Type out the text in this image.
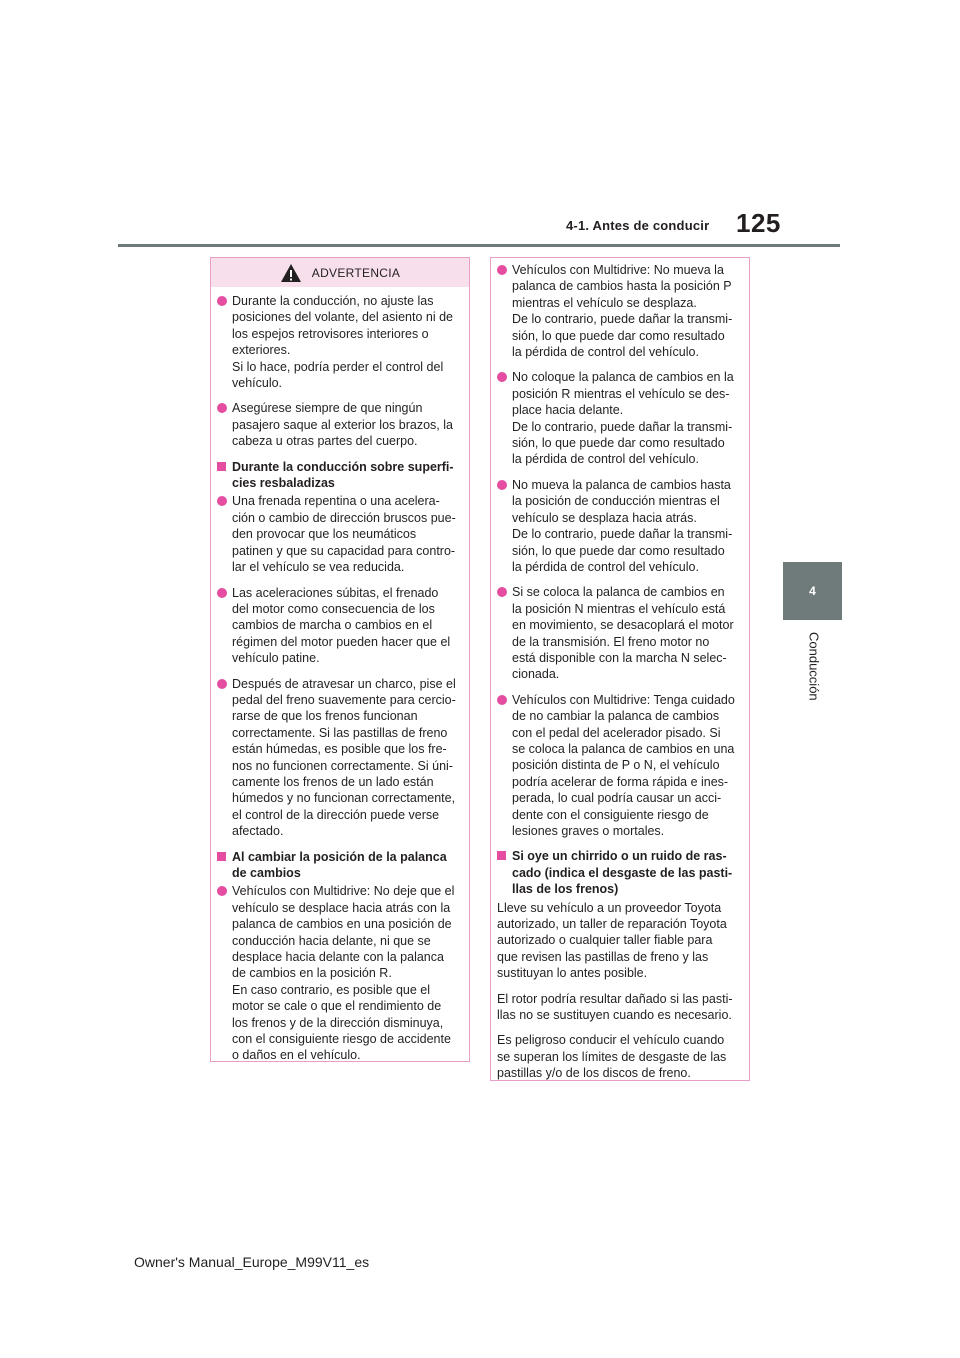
4-1. Antes de conducir 125
4
Conducción
ADVERTENCIA
Durante la conducción, no ajuste las
posiciones del volante, del asiento ni de
los espejos retrovisores interiores o
exteriores.
Si lo hace, podría perder el control del
vehículo.
Asegúrese siempre de que ningún
pasajero saque al exterior los brazos, la
cabeza u otras partes del cuerpo.
Durante la conducción sobre superfi-
cies resbaladizas
Una frenada repentina o una acelera-
ción o cambio de dirección bruscos pue-
den provocar que los neumáticos
patinen y que su capacidad para contro-
lar el vehículo se vea reducida.
Las aceleraciones súbitas, el frenado
del motor como consecuencia de los
cambios de marcha o cambios en el
régimen del motor pueden hacer que el
vehículo patine.
Después de atravesar un charco, pise el
pedal del freno suavemente para cercio-
rarse de que los frenos funcionan
correctamente. Si las pastillas de freno
están húmedas, es posible que los fre-
nos no funcionen correctamente. Si úni-
camente los frenos de un lado están
húmedos y no funcionan correctamente,
el control de la dirección puede verse
afectado.
Al cambiar la posición de la palanca
de cambios
Vehículos con Multidrive: No deje que el
vehículo se desplace hacia atrás con la
palanca de cambios en una posición de
conducción hacia delante, ni que se
desplace hacia delante con la palanca
de cambios en la posición R.
En caso contrario, es posible que el
motor se cale o que el rendimiento de
los frenos y de la dirección disminuya,
con el consiguiente riesgo de accidente
o daños en el vehículo.
Vehículos con Multidrive: No mueva la
palanca de cambios hasta la posición P
mientras el vehículo se desplaza.
De lo contrario, puede dañar la transmi-
sión, lo que puede dar como resultado
la pérdida de control del vehículo.
No coloque la palanca de cambios en la
posición R mientras el vehículo se des-
place hacia delante.
De lo contrario, puede dañar la transmi-
sión, lo que puede dar como resultado
la pérdida de control del vehículo.
No mueva la palanca de cambios hasta
la posición de conducción mientras el
vehículo se desplaza hacia atrás.
De lo contrario, puede dañar la transmi-
sión, lo que puede dar como resultado
la pérdida de control del vehículo.
Si se coloca la palanca de cambios en
la posición N mientras el vehículo está
en movimiento, se desacoplará el motor
de la transmisión. El freno motor no
está disponible con la marcha N selec-
cionada.
Vehículos con Multidrive: Tenga cuidado
de no cambiar la palanca de cambios
con el pedal del acelerador pisado. Si
se coloca la palanca de cambios en una
posición distinta de P o N, el vehículo
podría acelerar de forma rápida e ines-
perada, lo cual podría causar un acci-
dente con el consiguiente riesgo de
lesiones graves o mortales.
Si oye un chirrido o un ruido de ras-
cado (indica el desgaste de las pasti-
llas de los frenos)
Lleve su vehículo a un proveedor Toyota
autorizado, un taller de reparación Toyota
autorizado o cualquier taller fiable para
que revisen las pastillas de freno y las
sustituyan lo antes posible.
El rotor podría resultar dañado si las pasti-
llas no se sustituyen cuando es necesario.
Es peligroso conducir el vehículo cuando
se superan los límites de desgaste de las
pastillas y/o de los discos de freno.
Owner's Manual_Europe_M99V11_es
